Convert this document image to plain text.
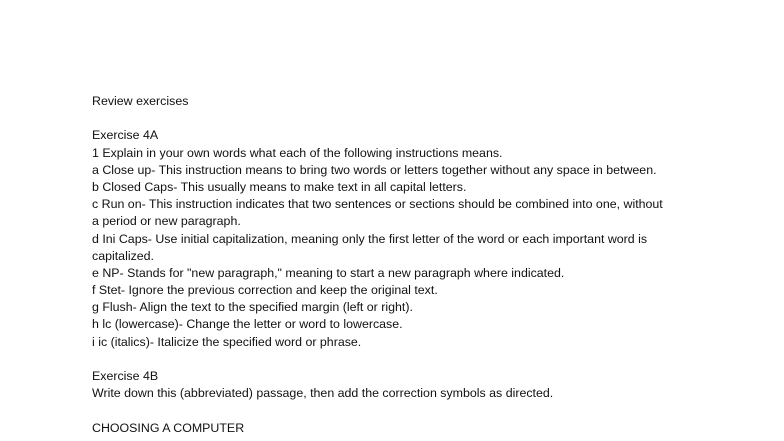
Review exercises
Exercise 4A
1 Explain in your own words what each of the following instructions means.
a Close up- This instruction means to bring two words or letters together without any space in between.
b Closed Caps- This usually means to make text in all capital letters.
c Run on- This instruction indicates that two sentences or sections should be combined into one, without
a period or new paragraph.
d Ini Caps- Use initial capitalization, meaning only the first letter of the word or each important word is
capitalized.
e NP- Stands for "new paragraph," meaning to start a new paragraph where indicated.
f Stet- Ignore the previous correction and keep the original text.
g Flush- Align the text to the specified margin (left or right).
h lc (lowercase)- Change the letter or word to lowercase.
i ic (italics)- Italicize the specified word or phrase.
Exercise 4B
Write down this (abbreviated) passage, then add the correction symbols as directed.
CHOOSING A COMPUTER
